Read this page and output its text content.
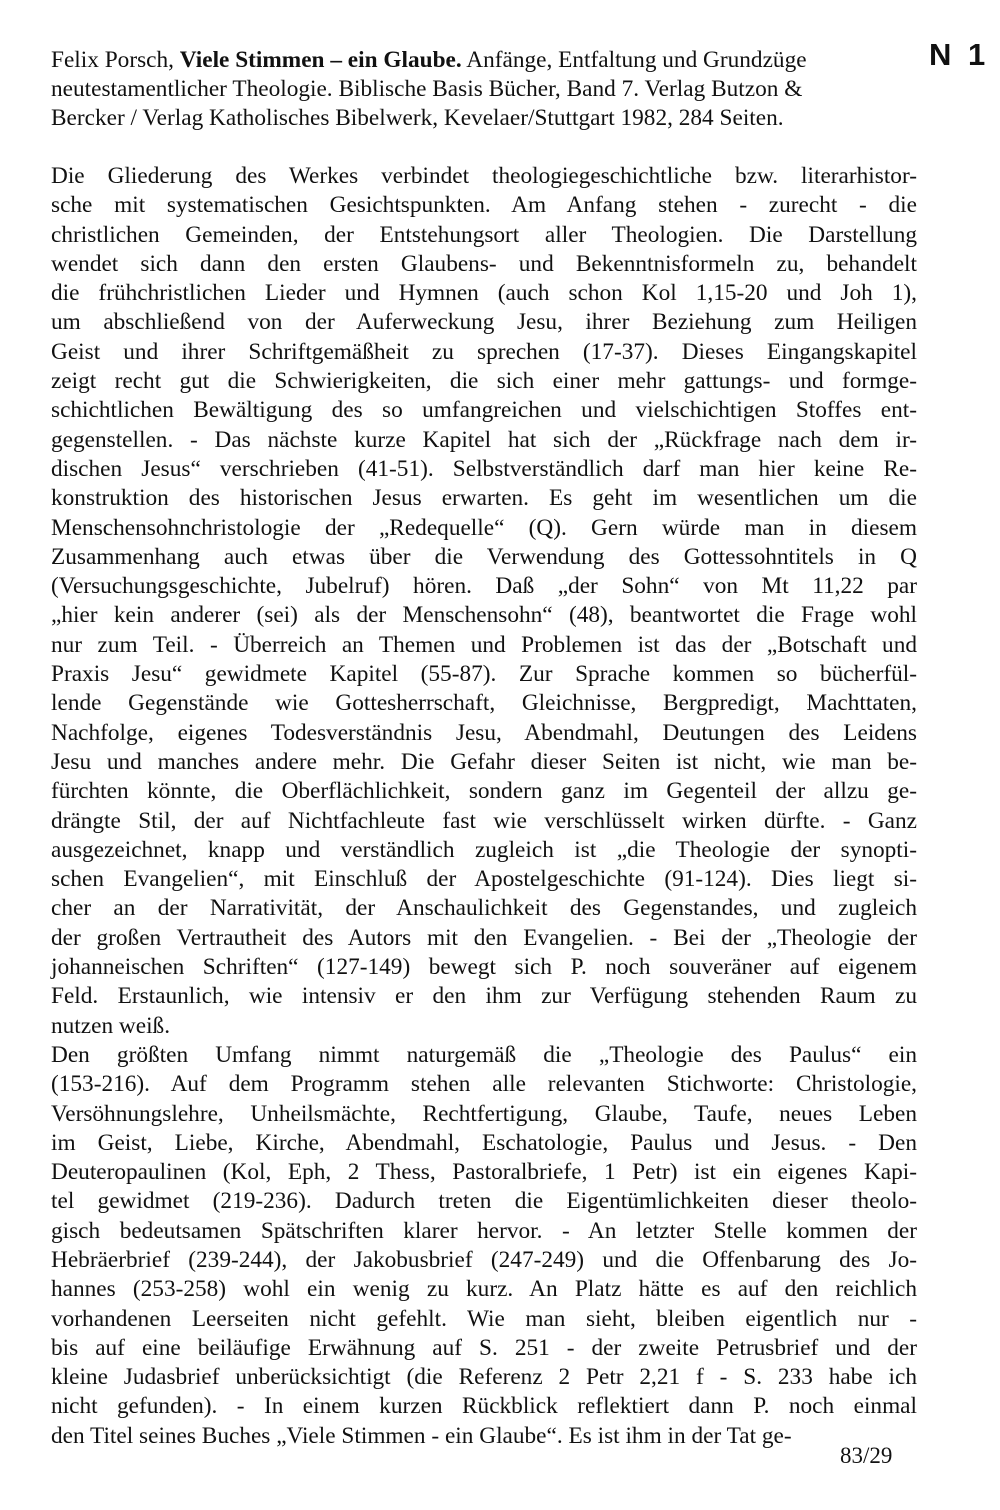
N 1
Felix Porsch, Viele Stimmen – ein Glaube. Anfänge, Entfaltung und Grundzüge
neutestamentlicher Theologie. Biblische Basis Bücher, Band 7. Verlag Butzon &
Bercker / Verlag Katholisches Bibelwerk, Kevelaer/Stuttgart 1982, 284 Seiten.
Die Gliederung des Werkes verbindet theologiegeschichtliche bzw. literarhistor-
sche mit systematischen Gesichtspunkten. Am Anfang stehen - zurecht - die
christlichen Gemeinden, der Entstehungsort aller Theologien. Die Darstellung
wendet sich dann den ersten Glaubens- und Bekenntnisformeln zu, behandelt
die frühchristlichen Lieder und Hymnen (auch schon Kol 1,15-20 und Joh 1),
um abschließend von der Auferweckung Jesu, ihrer Beziehung zum Heiligen
Geist und ihrer Schriftgemäßheit zu sprechen (17-37). Dieses Eingangskapitel
zeigt recht gut die Schwierigkeiten, die sich einer mehr gattungs- und formge-
schichtlichen Bewältigung des so umfangreichen und vielschichtigen Stoffes ent-
gegenstellen. - Das nächste kurze Kapitel hat sich der „Rückfrage nach dem ir-
dischen Jesus“ verschrieben (41-51). Selbstverständlich darf man hier keine Re-
konstruktion des historischen Jesus erwarten. Es geht im wesentlichen um die
Menschensohnchristologie der „Redequelle“ (Q). Gern würde man in diesem
Zusammenhang auch etwas über die Verwendung des Gottessohntitels in Q
(Versuchungsgeschichte, Jubelruf) hören. Daß „der Sohn“ von Mt 11,22 par
„hier kein anderer (sei) als der Menschensohn“ (48), beantwortet die Frage wohl
nur zum Teil. - Überreich an Themen und Problemen ist das der „Botschaft und
Praxis Jesu“ gewidmete Kapitel (55-87). Zur Sprache kommen so bücherfül-
lende Gegenstände wie Gottesherrschaft, Gleichnisse, Bergpredigt, Machttaten,
Nachfolge, eigenes Todesverständnis Jesu, Abendmahl, Deutungen des Leidens
Jesu und manches andere mehr. Die Gefahr dieser Seiten ist nicht, wie man be-
fürchten könnte, die Oberflächlichkeit, sondern ganz im Gegenteil der allzu ge-
drängte Stil, der auf Nichtfachleute fast wie verschlüsselt wirken dürfte. - Ganz
ausgezeichnet, knapp und verständlich zugleich ist „die Theologie der synopti-
schen Evangelien“, mit Einschluß der Apostelgeschichte (91-124). Dies liegt si-
cher an der Narrativität, der Anschaulichkeit des Gegenstandes, und zugleich
der großen Vertrautheit des Autors mit den Evangelien. - Bei der „Theologie der
johanneischen Schriften“ (127-149) bewegt sich P. noch souveräner auf eigenem
Feld. Erstaunlich, wie intensiv er den ihm zur Verfügung stehenden Raum zu
nutzen weiß.
Den größten Umfang nimmt naturgemäß die „Theologie des Paulus“ ein
(153-216). Auf dem Programm stehen alle relevanten Stichworte: Christologie,
Versöhnungslehre, Unheilsmächte, Rechtfertigung, Glaube, Taufe, neues Leben
im Geist, Liebe, Kirche, Abendmahl, Eschatologie, Paulus und Jesus. - Den
Deuteropaulinen (Kol, Eph, 2 Thess, Pastoralbriefe, 1 Petr) ist ein eigenes Kapi-
tel gewidmet (219-236). Dadurch treten die Eigentümlichkeiten dieser theolo-
gisch bedeutsamen Spätschriften klarer hervor. - An letzter Stelle kommen der
Hebräerbrief (239-244), der Jakobusbrief (247-249) und die Offenbarung des Jo-
hannes (253-258) wohl ein wenig zu kurz. An Platz hätte es auf den reichlich
vorhandenen Leerseiten nicht gefehlt. Wie man sieht, bleiben eigentlich nur -
bis auf eine beiläufige Erwähnung auf S. 251 - der zweite Petrusbrief und der
kleine Judasbrief unberücksichtigt (die Referenz 2 Petr 2,21 f - S. 233 habe ich
nicht gefunden). - In einem kurzen Rückblick reflektiert dann P. noch einmal
den Titel seines Buches „Viele Stimmen - ein Glaube“. Es ist ihm in der Tat ge-
83/29
